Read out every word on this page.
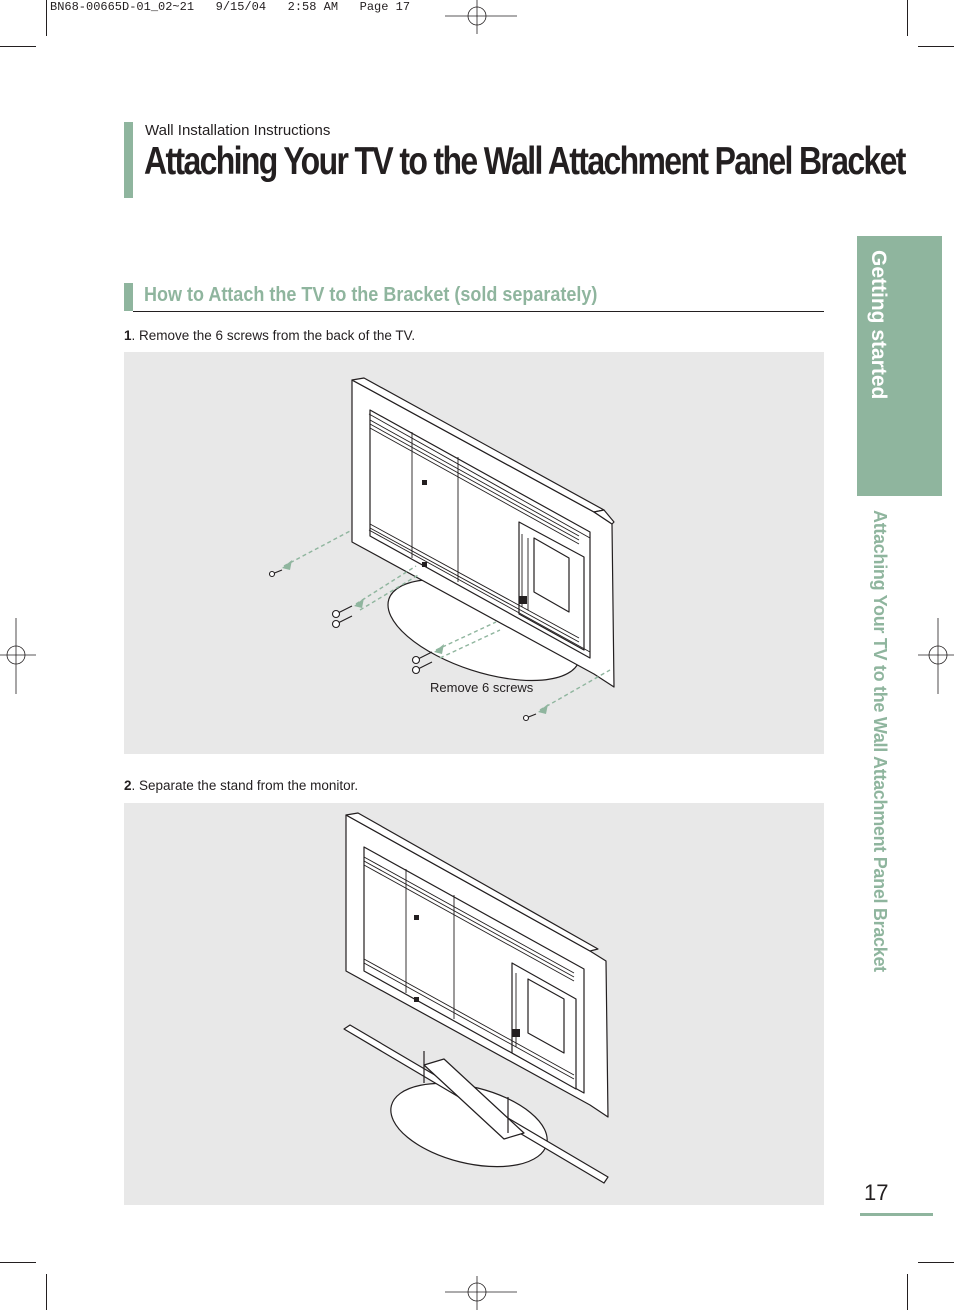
BN68-00665D-01_02~21   9/15/04   2:58 AM   Page 17
Wall Installation Instructions
Attaching Your TV to the Wall Attachment Panel Bracket
How to Attach the TV to the Bracket (sold separately)
1. Remove the 6 screws from the back of the TV.
Remove 6 screws
2. Separate the stand from the monitor.
Getting started
Attaching Your TV to the Wall Attachment Panel Bracket
17
